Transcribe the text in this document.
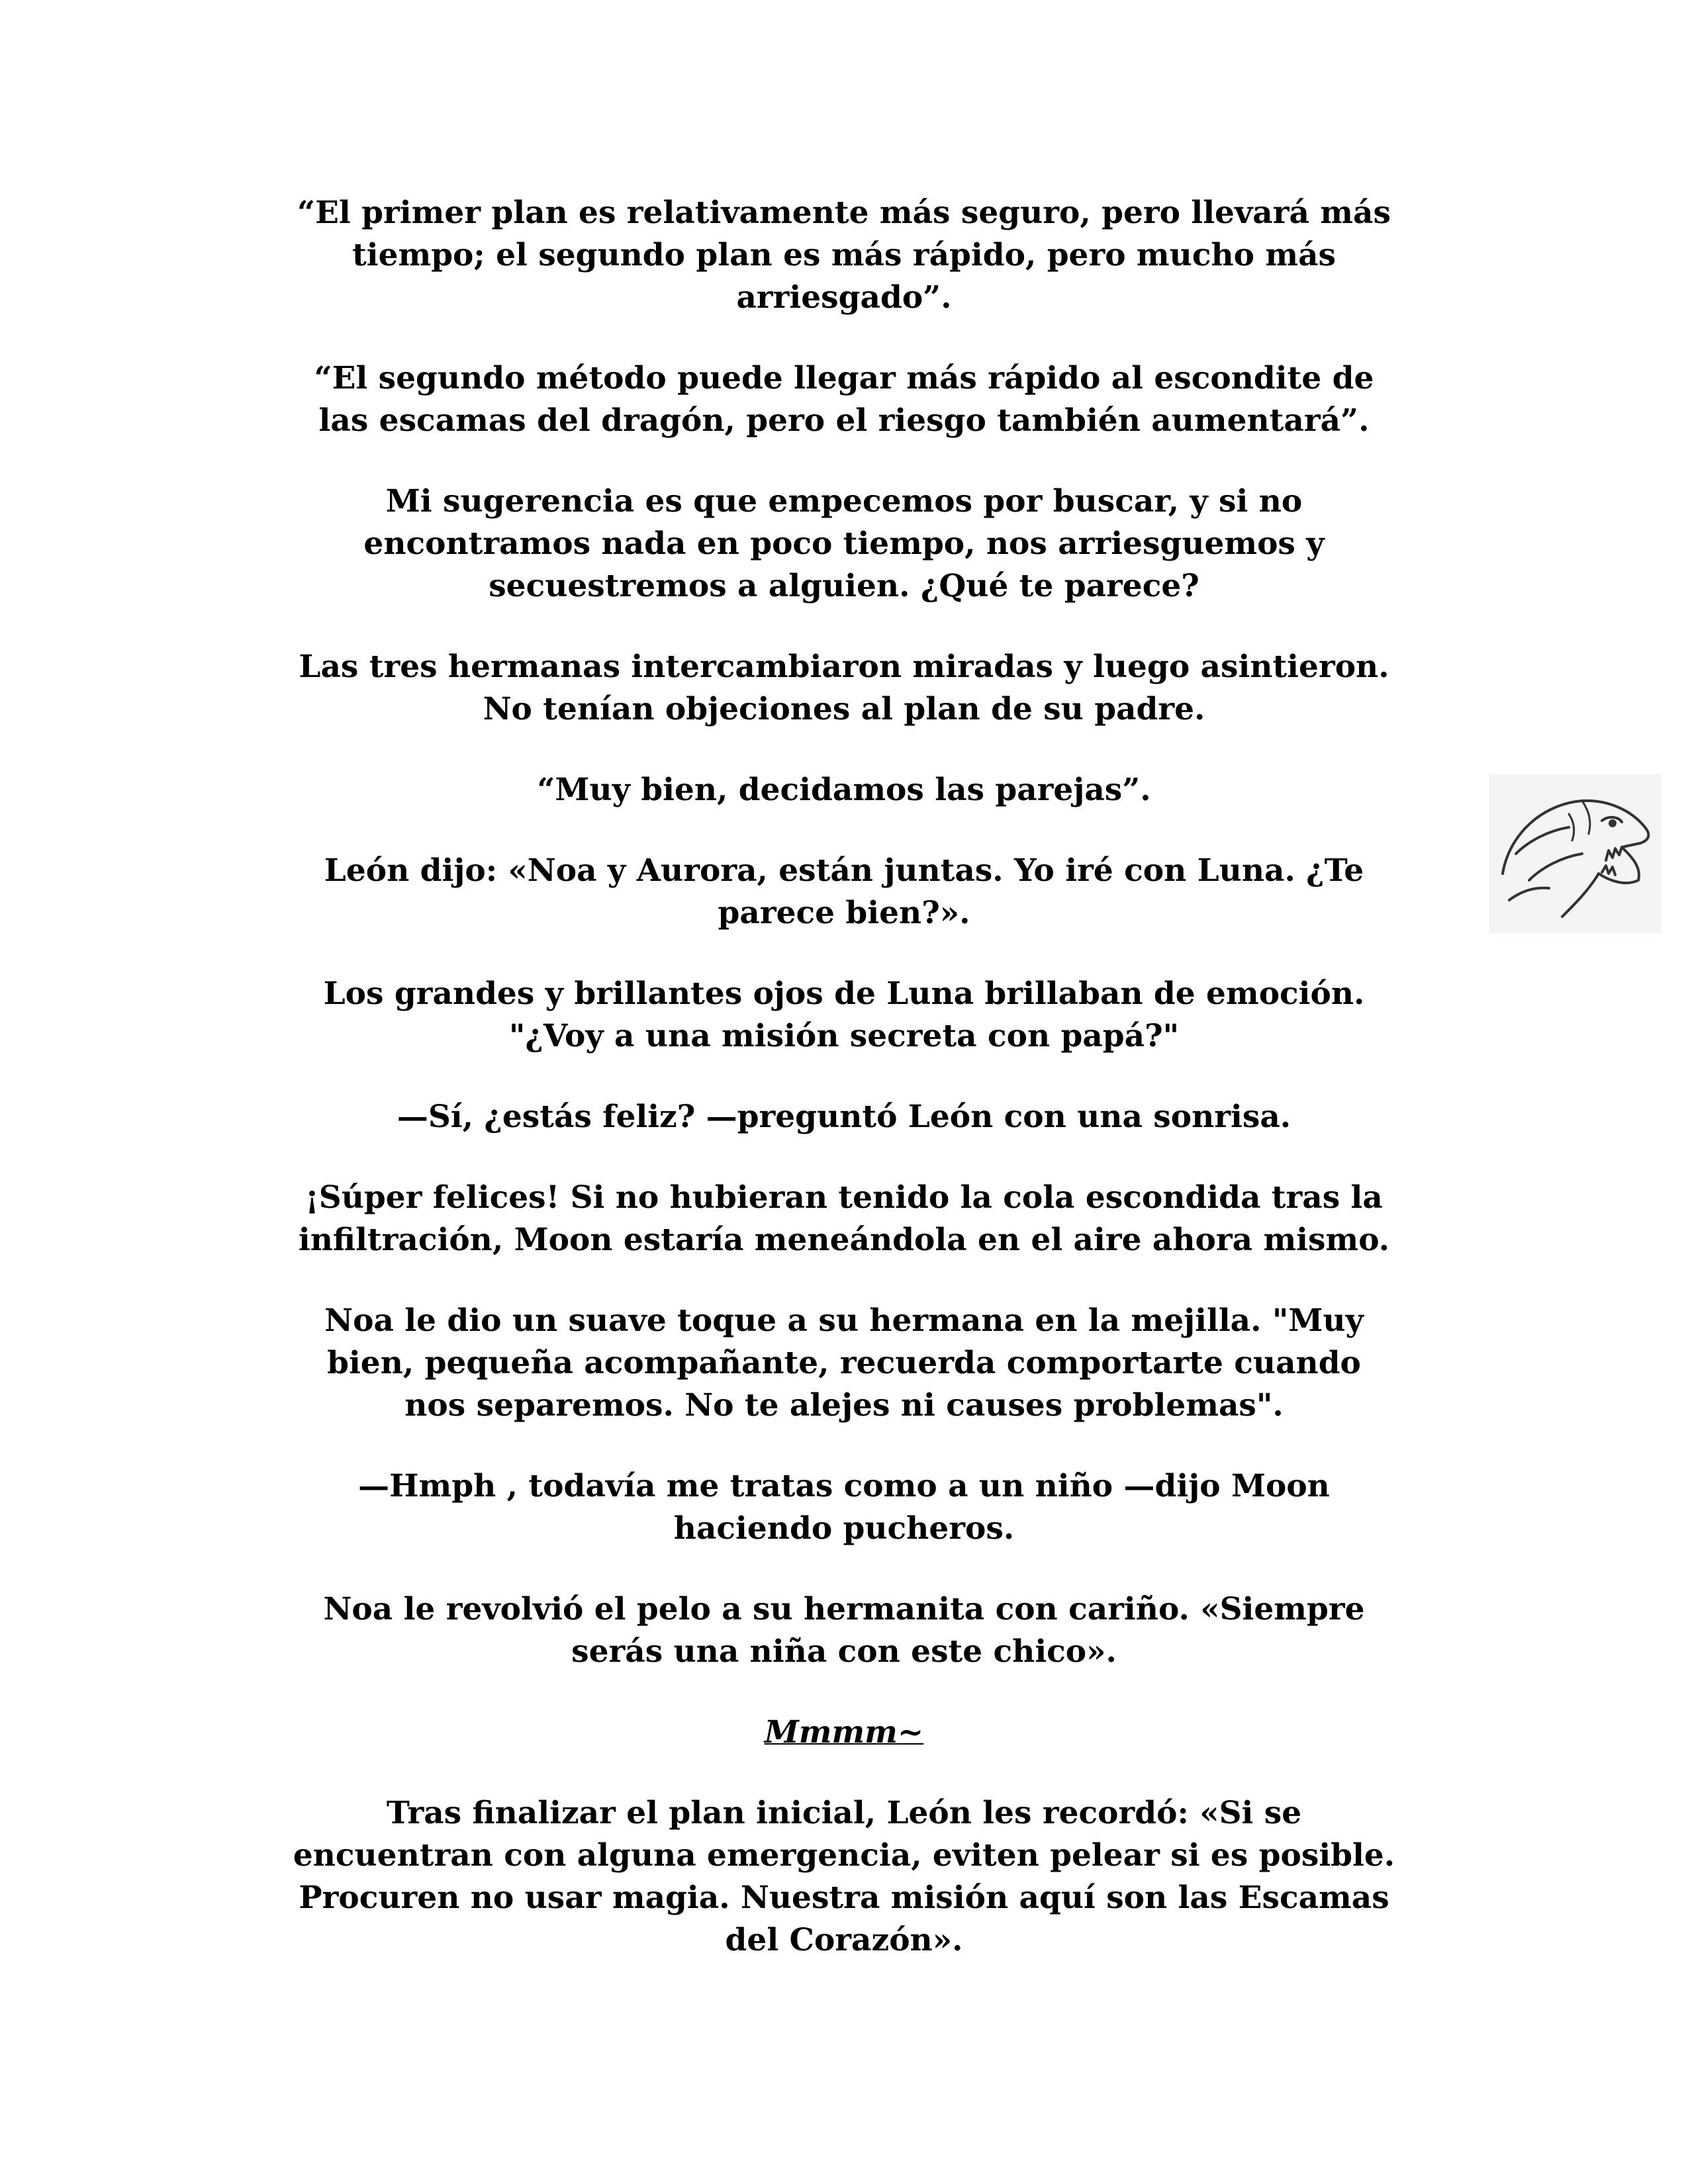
“El primer plan es relativamente más seguro, pero llevará más
tiempo; el segundo plan es más rápido, pero mucho más
arriesgado”.

“El segundo método puede llegar más rápido al escondite de
las escamas del dragón, pero el riesgo también aumentará”.

Mi sugerencia es que empecemos por buscar, y si no
encontramos nada en poco tiempo, nos arriesguemos y
secuestremos a alguien. ¿Qué te parece?

Las tres hermanas intercambiaron miradas y luego asintieron.
No tenían objeciones al plan de su padre.

“Muy bien, decidamos las parejas”.

León dijo: «Noa y Aurora, están juntas. Yo iré con Luna. ¿Te
parece bien?».

Los grandes y brillantes ojos de Luna brillaban de emoción.
"¿Voy a una misión secreta con papá?"

—Sí, ¿estás feliz? —preguntó León con una sonrisa.

¡Súper felices! Si no hubieran tenido la cola escondida tras la
infiltración, Moon estaría meneándola en el aire ahora mismo.

Noa le dio un suave toque a su hermana en la mejilla. "Muy
bien, pequeña acompañante, recuerda comportarte cuando
nos separemos. No te alejes ni causes problemas".

—Hmph , todavía me tratas como a un niño —dijo Moon
haciendo pucheros.

Noa le revolvió el pelo a su hermanita con cariño. «Siempre
serás una niña con este chico».

Mmmm~

Tras finalizar el plan inicial, León les recordó: «Si se
encuentran con alguna emergencia, eviten pelear si es posible.
Procuren no usar magia. Nuestra misión aquí son las Escamas
del Corazón».
